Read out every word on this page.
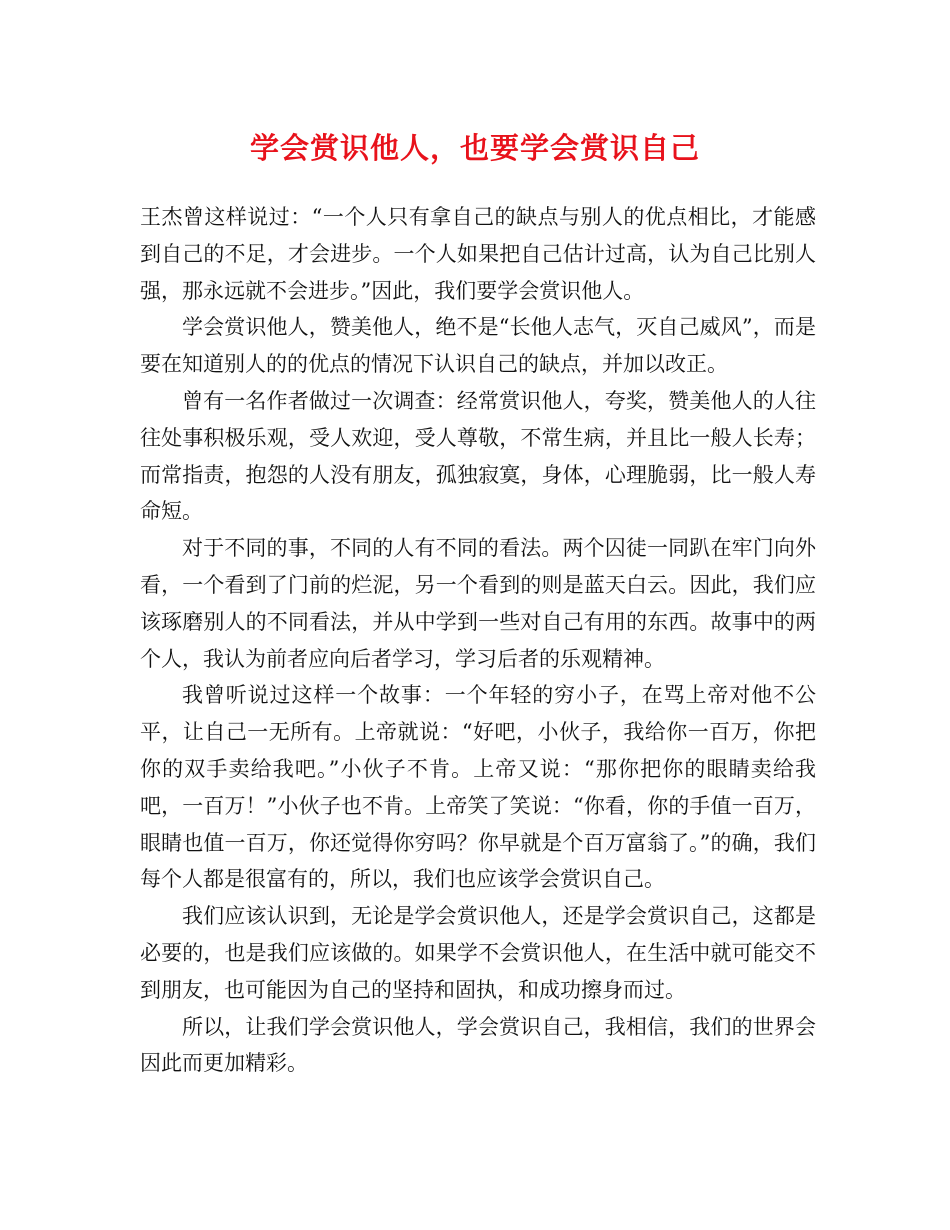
学会赏识他人，也要学会赏识自己

王杰曾这样说过：“一个人只有拿自己的缺点与别人的优点相比，才能感到自己的不足，才会进步。一个人如果把自己估计过高，认为自己比别人强，那永远就不会进步。”因此，我们要学会赏识他人。

学会赏识他人，赞美他人，绝不是“长他人志气，灭自己威风”，而是要在知道别人的的优点的情况下认识自己的缺点，并加以改正。

曾有一名作者做过一次调查：经常赏识他人，夸奖，赞美他人的人往往处事积极乐观，受人欢迎，受人尊敬，不常生病，并且比一般人长寿；而常指责，抱怨的人没有朋友，孤独寂寞，身体，心理脆弱，比一般人寿命短。

对于不同的事，不同的人有不同的看法。两个囚徒一同趴在牢门向外看，一个看到了门前的烂泥，另一个看到的则是蓝天白云。因此，我们应该琢磨别人的不同看法，并从中学到一些对自己有用的东西。故事中的两个人，我认为前者应向后者学习，学习后者的乐观精神。

我曾听说过这样一个故事：一个年轻的穷小子，在骂上帝对他不公平，让自己一无所有。上帝就说：“好吧，小伙子，我给你一百万，你把你的双手卖给我吧。”小伙子不肯。上帝又说：“那你把你的眼睛卖给我吧，一百万！”小伙子也不肯。上帝笑了笑说：“你看，你的手值一百万，眼睛也值一百万，你还觉得你穷吗？你早就是个百万富翁了。”的确，我们每个人都是很富有的，所以，我们也应该学会赏识自己。

我们应该认识到，无论是学会赏识他人，还是学会赏识自己，这都是必要的，也是我们应该做的。如果学不会赏识他人，在生活中就可能交不到朋友，也可能因为自己的坚持和固执，和成功擦身而过。

所以，让我们学会赏识他人，学会赏识自己，我相信，我们的世界会因此而更加精彩。
